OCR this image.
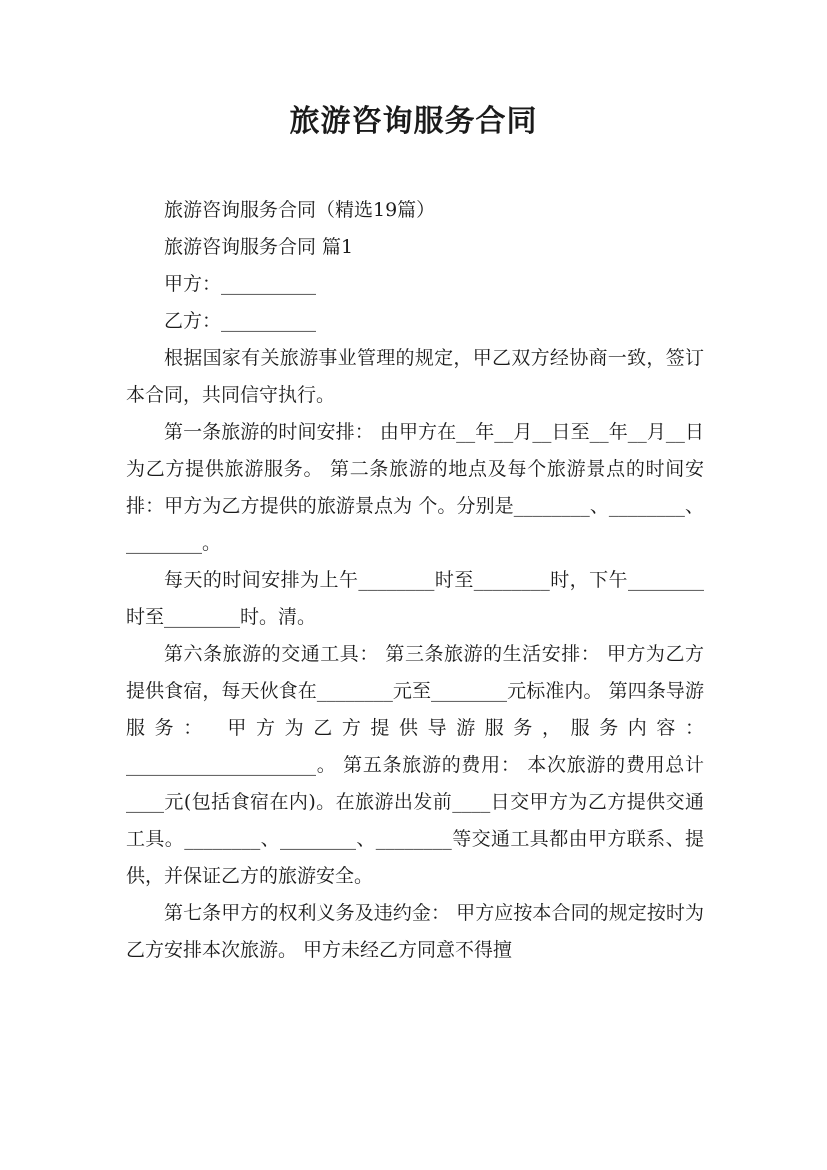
旅游咨询服务合同

旅游咨询服务合同（精选19篇）

旅游咨询服务合同 篇1

甲方：__________

乙方：__________

根据国家有关旅游事业管理的规定，甲乙双方经协商一致，签订本合同，共同信守执行。

第一条旅游的时间安排： 由甲方在__年__月__日至__年__月__日为乙方提供旅游服务。 第二条旅游的地点及每个旅游景点的时间安排：甲方为乙方提供的旅游景点为 个。分别是________、________、________。

每天的时间安排为上午________时至________时，下午________时至________时。清。

第六条旅游的交通工具： 第三条旅游的生活安排： 甲方为乙方提供食宿，每天伙食在________元至________元标准内。 第四条导游服务： 甲方为乙方提供导游服务，服务内容：____________________。 第五条旅游的费用： 本次旅游的费用总计____元(包括食宿在内)。在旅游出发前____日交甲方为乙方提供交通工具。________、________、________等交通工具都由甲方联系、提供，并保证乙方的旅游安全。

第七条甲方的权利义务及违约金： 甲方应按本合同的规定按时为乙方安排本次旅游。 甲方未经乙方同意不得擅
